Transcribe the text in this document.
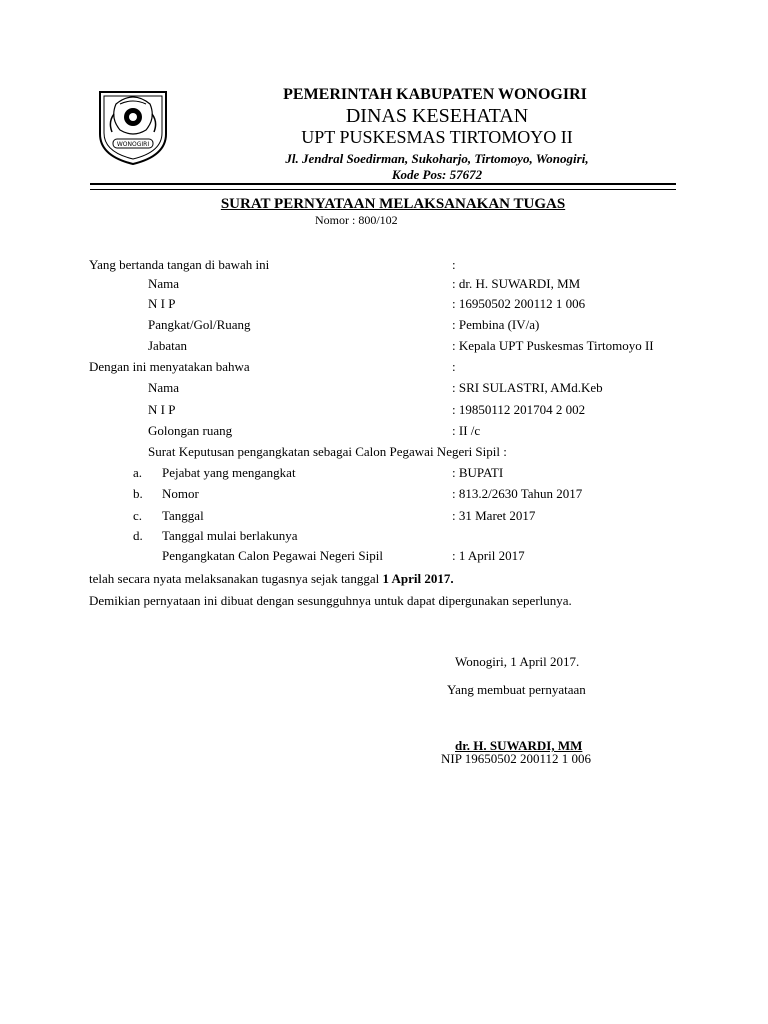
WONOGIRI
PEMERINTAH KABUPATEN WONOGIRI
DINAS KESEHATAN
UPT PUSKESMAS TIRTOMOYO II
Jl. Jendral Soedirman, Sukoharjo, Tirtomoyo, Wonogiri,
Kode Pos: 57672
SURAT PERNYATAAN MELAKSANAKAN TUGAS
Nomor : 800/102
Yang bertanda tangan di bawah ini	:
Nama	: dr. H. SUWARDI, MM
N I P	: 16950502 200112 1 006
Pangkat/Gol/Ruang	: Pembina (IV/a)
Jabatan	: Kepala UPT Puskesmas Tirtomoyo II
Dengan ini menyatakan bahwa	:
Nama	: SRI SULASTRI, AMd.Keb
N I P	: 19850112 201704 2 002
Golongan ruang	: II /c
Surat Keputusan pengangkatan sebagai Calon Pegawai Negeri Sipil :
a. Pejabat yang mengangkat	: BUPATI
b. Nomor	: 813.2/2630 Tahun 2017
c. Tanggal	: 31 Maret 2017
d. Tanggal mulai berlakunya
Pengangkatan Calon Pegawai Negeri Sipil	: 1 April 2017
telah secara nyata melaksanakan tugasnya sejak tanggal 1 April 2017.
Demikian pernyataan ini dibuat dengan sesungguhnya untuk dapat dipergunakan seperlunya.
Wonogiri, 1 April 2017.
Yang membuat pernyataan
dr. H. SUWARDI, MM
NIP 19650502 200112 1 006
